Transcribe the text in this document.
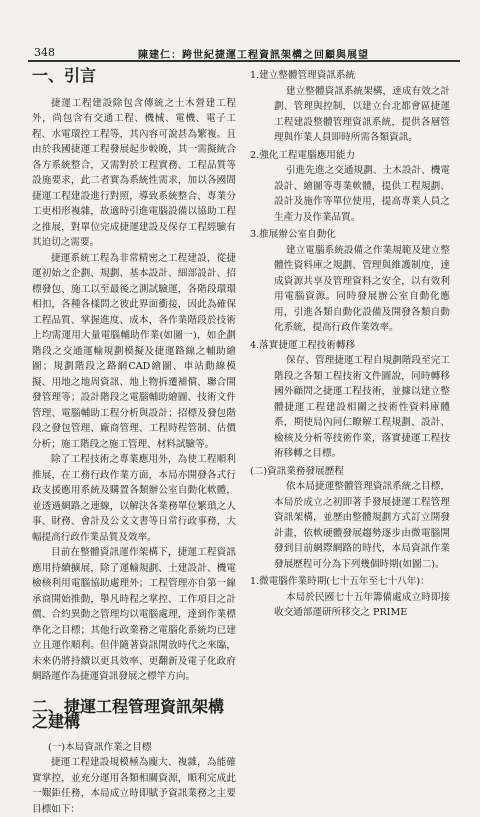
348	陳建仁：跨世紀捷運工程資訊架構之回顧與展望
一、引言

捷運工程建設除包含傳統之土木營建工程外，尚包含有交通工程、機械、電機、電子工程、水電環控工程等，其內容可說甚為繁複。且由於我國捷運工程發展起步較晚，其一需擬統合各方系統整合，又需對於工程實務、工程品質等設施要求，此二者實為系統性需求，加以各國間捷運工程建設進行對照，導致系統整合、專業分工更相形複雜，故適時引進電腦設備以協助工程之推展，對單位完成捷運建設及保存工程經驗有其迫切之需要。

捷運系統工程為非常精密之工程建設，從捷運初始之企劃、規劃、基本設計、細部設計、招標發包、施工以至最後之測試驗運，各階段環環相扣，各種各樣問之彼此界面衝接，因此為確保工程品質、掌握進度、成本，各作業階段於技術上均需運用大量電腦輔助作業(如圖一)，如企劃階段之交通運輸規劃模擬及捷運路線之輔助繪圖；規劃階段之路網CAD繪圖、車站動線模擬、用地之地周資訊、地上物拆遷補償、聯合開發管理等；設計階段之電腦輔助繪圖、技術文件管理、電腦輔助工程分析與設計；招標及發包階段之發包管理、廠商管理、工程時程管制、估價分析；施工階段之施工管理、材料試驗等。

除了工程技術之專業應用外，為使工程順利推展，在工務行政作業方面，本局亦開發各式行政支援應用系統及購置各類辦公室自動化軟體，並透過網路之連線，以解決各業務單位繁瑣之人事、財務、會計及公文文書等日常行政事務，大幅提高行政作業品質及效率。

目前在整體資訊運作架構下，捷運工程資訊應用持續擴展，除了運輸規劃、土建設計、機電檢核利用電腦協助處理外；工程管理亦自第一線承商開始推動，舉凡時程之掌控、工作項目之計價、合約異動之管理均以電腦處理，達到作業標準化之目標；其他行政業務之電腦化系統均已建立且運作順利。但伴隨著資訊開放時代之來臨，未來仍將持續以更具效率、更翻新及電子化政府網路運作為捷運資訊發展之標竿方向。

二、捷運工程管理資訊架構之建構
(一)本局資訊作業之目標

捷運工程建設規模極為龐大、複雜，為能確實掌控，並充分運用各類相關資源，順利完成此一艱鉅任務，本局成立時即賦予資訊業務之主要目標如下：

1.建立整體管理資訊系統

建立整體資訊系統架構，達成有效之計劃、管理與控制，以建立台北都會區捷運工程建設整體管理資訊系統，提供各層管理與作業人員即時所需各類資訊。

2.強化工程電腦應用能力

引進先進之交通規劃、土木設計、機電設計、繪圖等專業軟體，提供工程規劃、設計及施作等單位使用，提高專業人員之生產力及作業品質。

3.推展辦公室自動化

建立電腦系統設備之作業規範及建立整體性資料庫之規劃、管理與維護制度，達成資源共享及管理資料之安全，以有效利用電腦資源。同時發展辦公室自動化應用，引進各類自動化設備及開發各類自動化系統，提高行政作業效率。

4.落實捷運工程技術轉移

保存、管理捷運工程自規劃階段至完工階段之各類工程技術文件圖說，同時轉移國外顧問之捷運工程技術，並據以建立整體捷運工程建設相關之技術性資料庫體系，期使局內同仁瞭解工程規劃、設計、檢核及分析等技術作業，落實捷運工程技術移轉之目標。

(二)資訊業務發展歷程

依本局捷運整體管理資訊系統之目標，本局於成立之初即著手發展捷運工程管理資訊架構，並歷由整體規劃方式訂立開發計畫，依軟硬體發展趨勢逐步由微電腦開發到目前網際網路的時代，本局資訊作業發展歷程可分為下列幾個時期(如圖二)。

1.微電腦作業時期(七十五年至七十八年)：

本局於民國七十五年籌備處成立時即接收交通部運研所移交之 PRIME
